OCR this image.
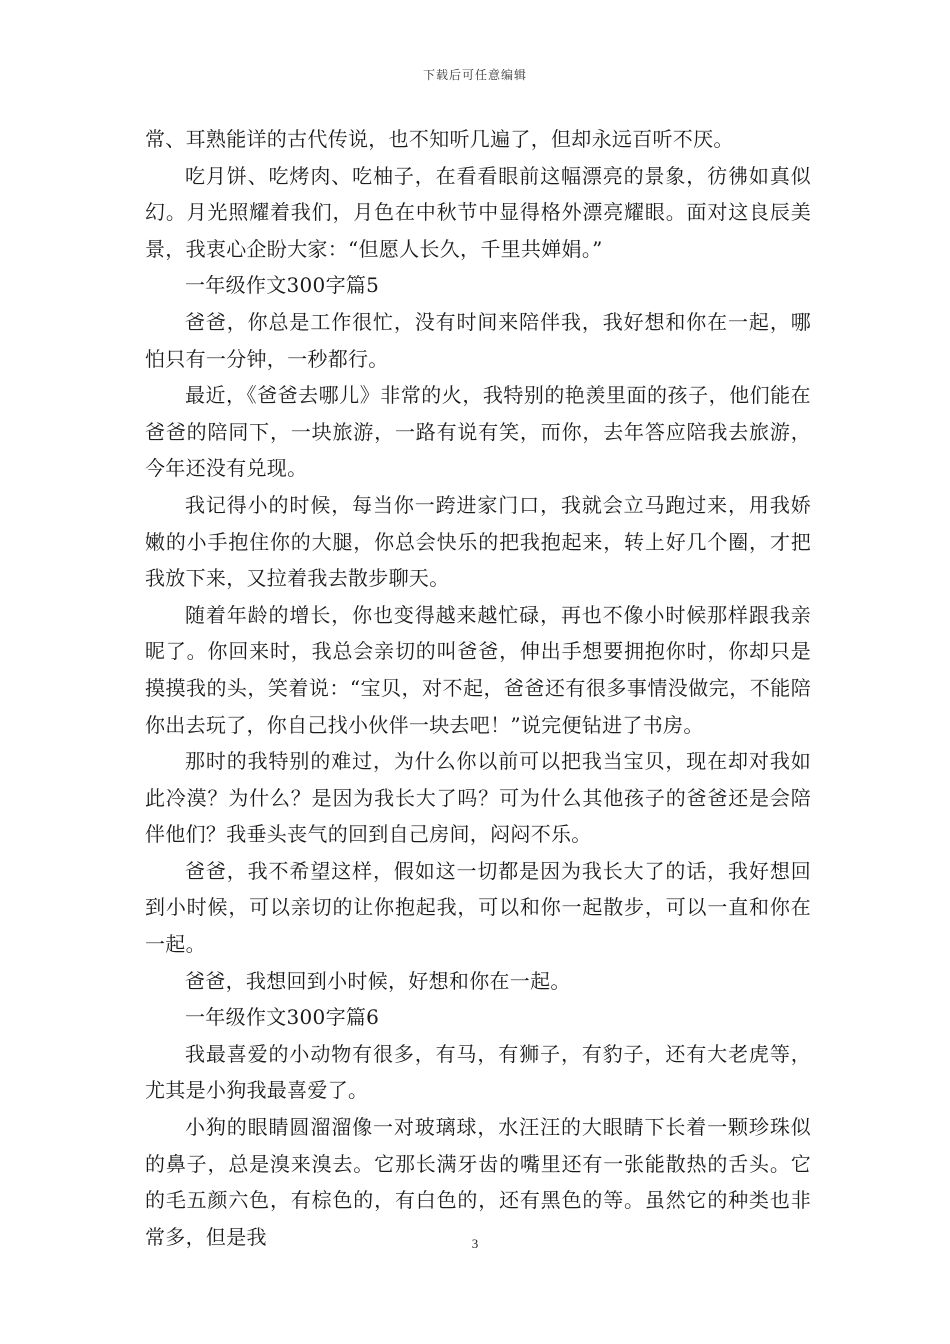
下载后可任意编辑

常、耳熟能详的古代传说，也不知听几遍了，但却永远百听不厌。

吃月饼、吃烤肉、吃柚子，在看看眼前这幅漂亮的景象，彷彿如真似幻。月光照耀着我们，月色在中秋节中显得格外漂亮耀眼。面对这良辰美景，我衷心企盼大家：“但愿人长久，千里共婵娟。”

一年级作文300字篇5

爸爸，你总是工作很忙，没有时间来陪伴我，我好想和你在一起，哪怕只有一分钟，一秒都行。

最近，《爸爸去哪儿》非常的火，我特别的艳羡里面的孩子，他们能在爸爸的陪同下，一块旅游，一路有说有笑，而你，去年答应陪我去旅游，今年还没有兑现。

我记得小的时候，每当你一跨进家门口，我就会立马跑过来，用我娇嫩的小手抱住你的大腿，你总会快乐的把我抱起来，转上好几个圈，才把我放下来，又拉着我去散步聊天。

随着年龄的增长，你也变得越来越忙碌，再也不像小时候那样跟我亲昵了。你回来时，我总会亲切的叫爸爸，伸出手想要拥抱你时，你却只是摸摸我的头，笑着说：“宝贝，对不起，爸爸还有很多事情没做完，不能陪你出去玩了，你自己找小伙伴一块去吧！”说完便钻进了书房。

那时的我特别的难过，为什么你以前可以把我当宝贝，现在却对我如此冷漠？为什么？是因为我长大了吗？可为什么其他孩子的爸爸还是会陪伴他们？我垂头丧气的回到自己房间，闷闷不乐。

爸爸，我不希望这样，假如这一切都是因为我长大了的话，我好想回到小时候，可以亲切的让你抱起我，可以和你一起散步，可以一直和你在一起。

爸爸，我想回到小时候，好想和你在一起。

一年级作文300字篇6

我最喜爱的小动物有很多，有马，有狮子，有豹子，还有大老虎等，尤其是小狗我最喜爱了。

小狗的眼睛圆溜溜像一对玻璃球，水汪汪的大眼睛下长着一颗珍珠似的鼻子，总是溴来溴去。它那长满牙齿的嘴里还有一张能散热的舌头。它的毛五颜六色，有棕色的，有白色的，还有黑色的等。虽然它的种类也非常多，但是我	3
